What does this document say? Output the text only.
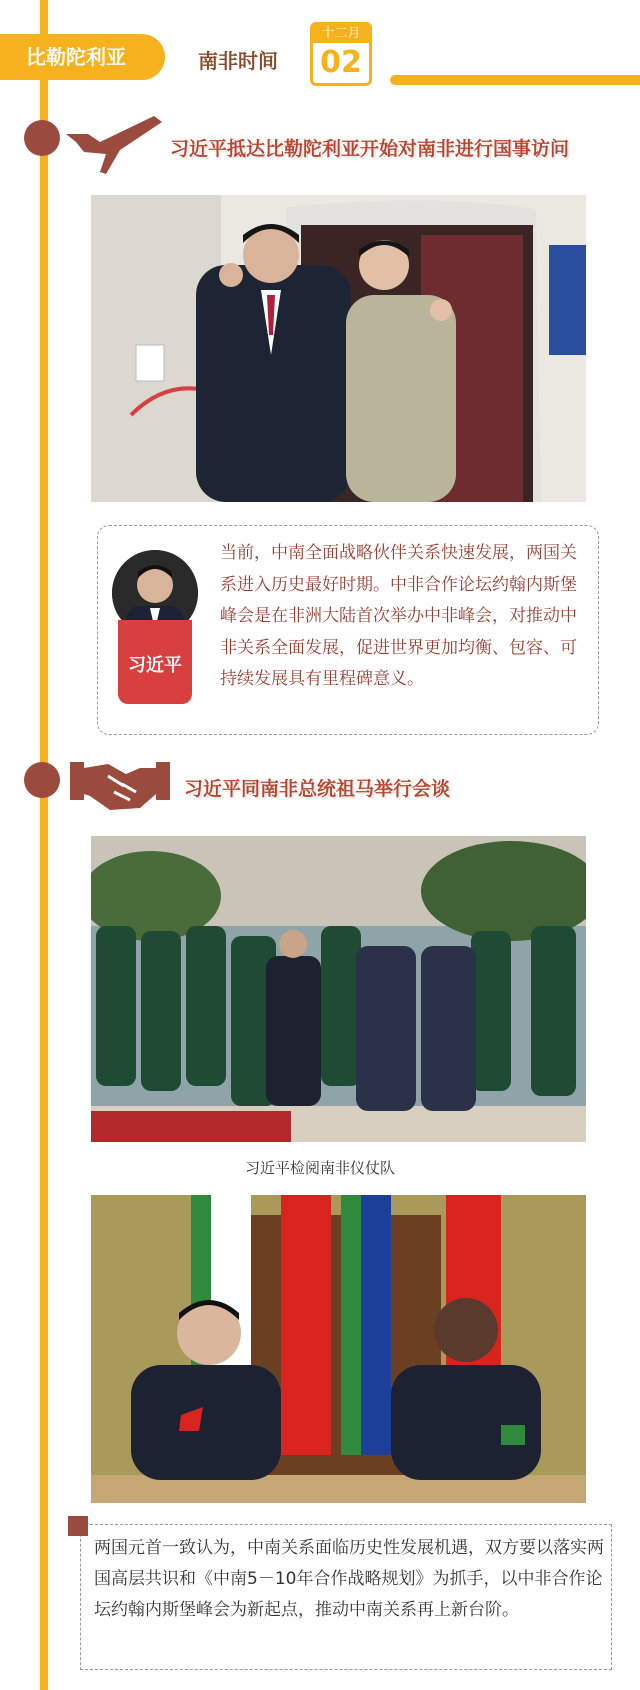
比勒陀利亚	南非时间
十二月
02
习近平抵达比勒陀利亚开始对南非进行国事访问
习近平
当前，中南全面战略伙伴关系快速发展，两国关系进入历史最好时期。中非合作论坛约翰内斯堡峰会是在非洲大陆首次举办中非峰会，对推动中非关系全面发展，促进世界更加均衡、包容、可持续发展具有里程碑意义。
习近平同南非总统祖马举行会谈
习近平检阅南非仪仗队
两国元首一致认为，中南关系面临历史性发展机遇，双方要以落实两国高层共识和《中南5－10年合作战略规划》为抓手，以中非合作论坛约翰内斯堡峰会为新起点，推动中南关系再上新台阶。
